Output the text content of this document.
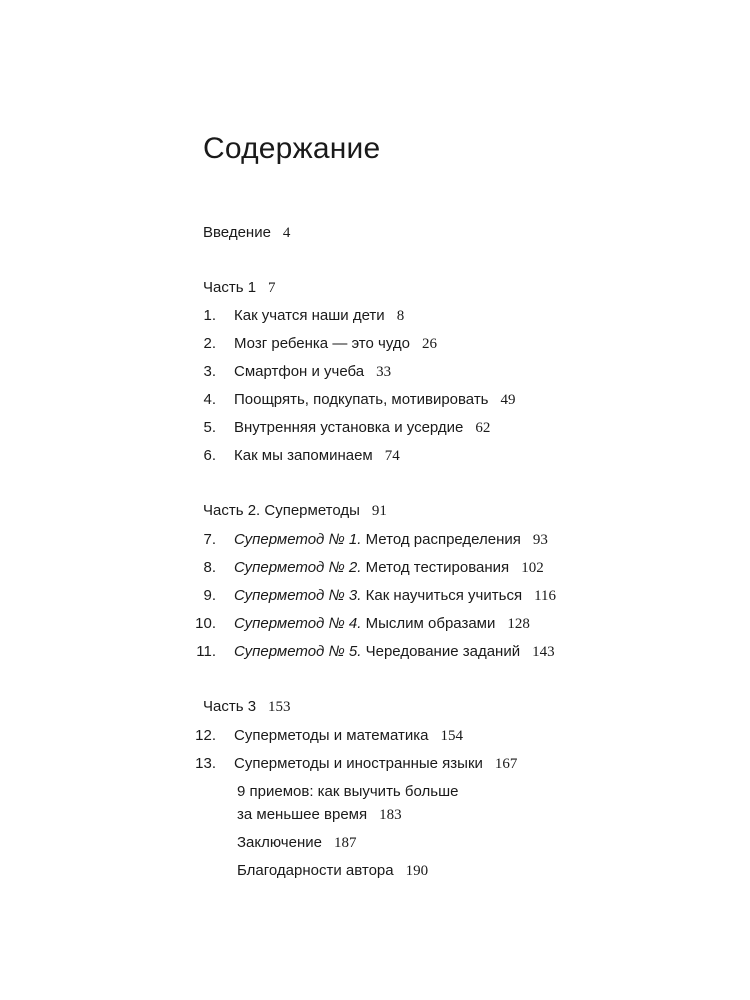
Содержание
Введение 4
Часть 1 7
1. Как учатся наши дети 8
2. Мозг ребенка — это чудо 26
3. Смартфон и учеба 33
4. Поощрять, подкупать, мотивировать 49
5. Внутренняя установка и усердие 62
6. Как мы запоминаем 74
Часть 2. Суперметоды 91
7. Суперметод № 1. Метод распределения 93
8. Суперметод № 2. Метод тестирования 102
9. Суперметод № 3. Как научиться учиться 116
10. Суперметод № 4. Мыслим образами 128
11. Суперметод № 5. Чередование заданий 143
Часть 3 153
12. Суперметоды и математика 154
13. Суперметоды и иностранные языки 167
9 приемов: как выучить больше
за меньшее время 183
Заключение 187
Благодарности автора 190
